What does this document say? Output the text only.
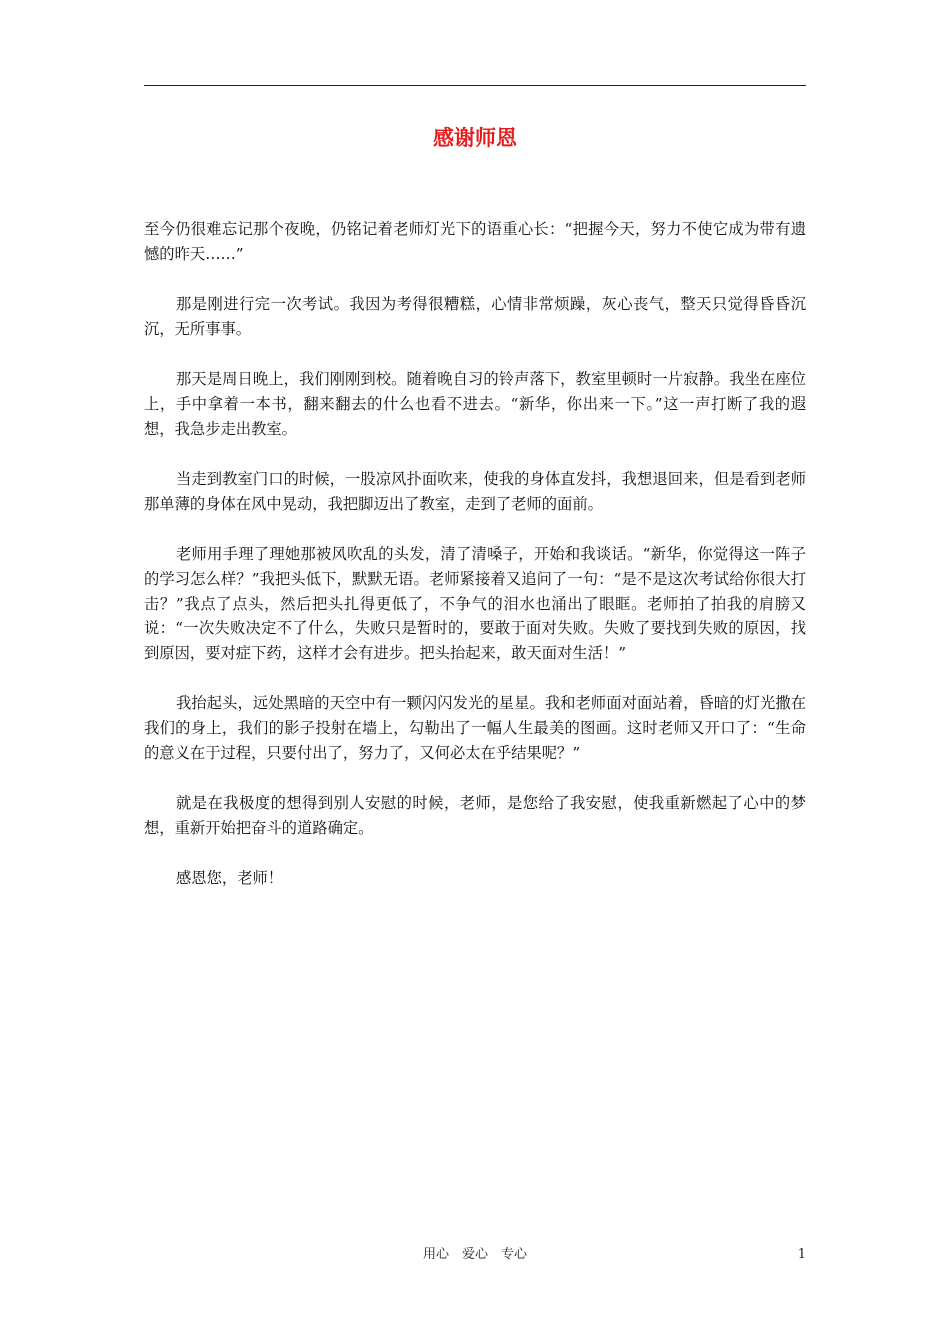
感谢师恩

至今仍很难忘记那个夜晚，仍铭记着老师灯光下的语重心长：“把握今天，努力不使它成为带有遗憾的昨天……”

那是刚进行完一次考试。我因为考得很糟糕，心情非常烦躁，灰心丧气，整天只觉得昏昏沉沉，无所事事。

那天是周日晚上，我们刚刚到校。随着晚自习的铃声落下，教室里顿时一片寂静。我坐在座位上，手中拿着一本书，翻来翻去的什么也看不进去。“新华，你出来一下。”这一声打断了我的遐想，我急步走出教室。

当走到教室门口的时候，一股凉风扑面吹来，使我的身体直发抖，我想退回来，但是看到老师那单薄的身体在风中晃动，我把脚迈出了教室，走到了老师的面前。

老师用手理了理她那被风吹乱的头发，清了清嗓子，开始和我谈话。“新华，你觉得这一阵子的学习怎么样？”我把头低下，默默无语。老师紧接着又追问了一句：“是不是这次考试给你很大打击？”我点了点头，然后把头扎得更低了，不争气的泪水也涌出了眼眶。老师拍了拍我的肩膀又说：“一次失败决定不了什么，失败只是暂时的，要敢于面对失败。失败了要找到失败的原因，找到原因，要对症下药，这样才会有进步。把头抬起来，敢天面对生活！”

我抬起头，远处黑暗的天空中有一颗闪闪发光的星星。我和老师面对面站着，昏暗的灯光撒在我们的身上，我们的影子投射在墙上，勾勒出了一幅人生最美的图画。这时老师又开口了：“生命的意义在于过程，只要付出了，努力了，又何必太在乎结果呢？”

就是在我极度的想得到别人安慰的时候，老师，是您给了我安慰，使我重新燃起了心中的梦想，重新开始把奋斗的道路确定。

感恩您，老师！

用心　爱心　专心	1
